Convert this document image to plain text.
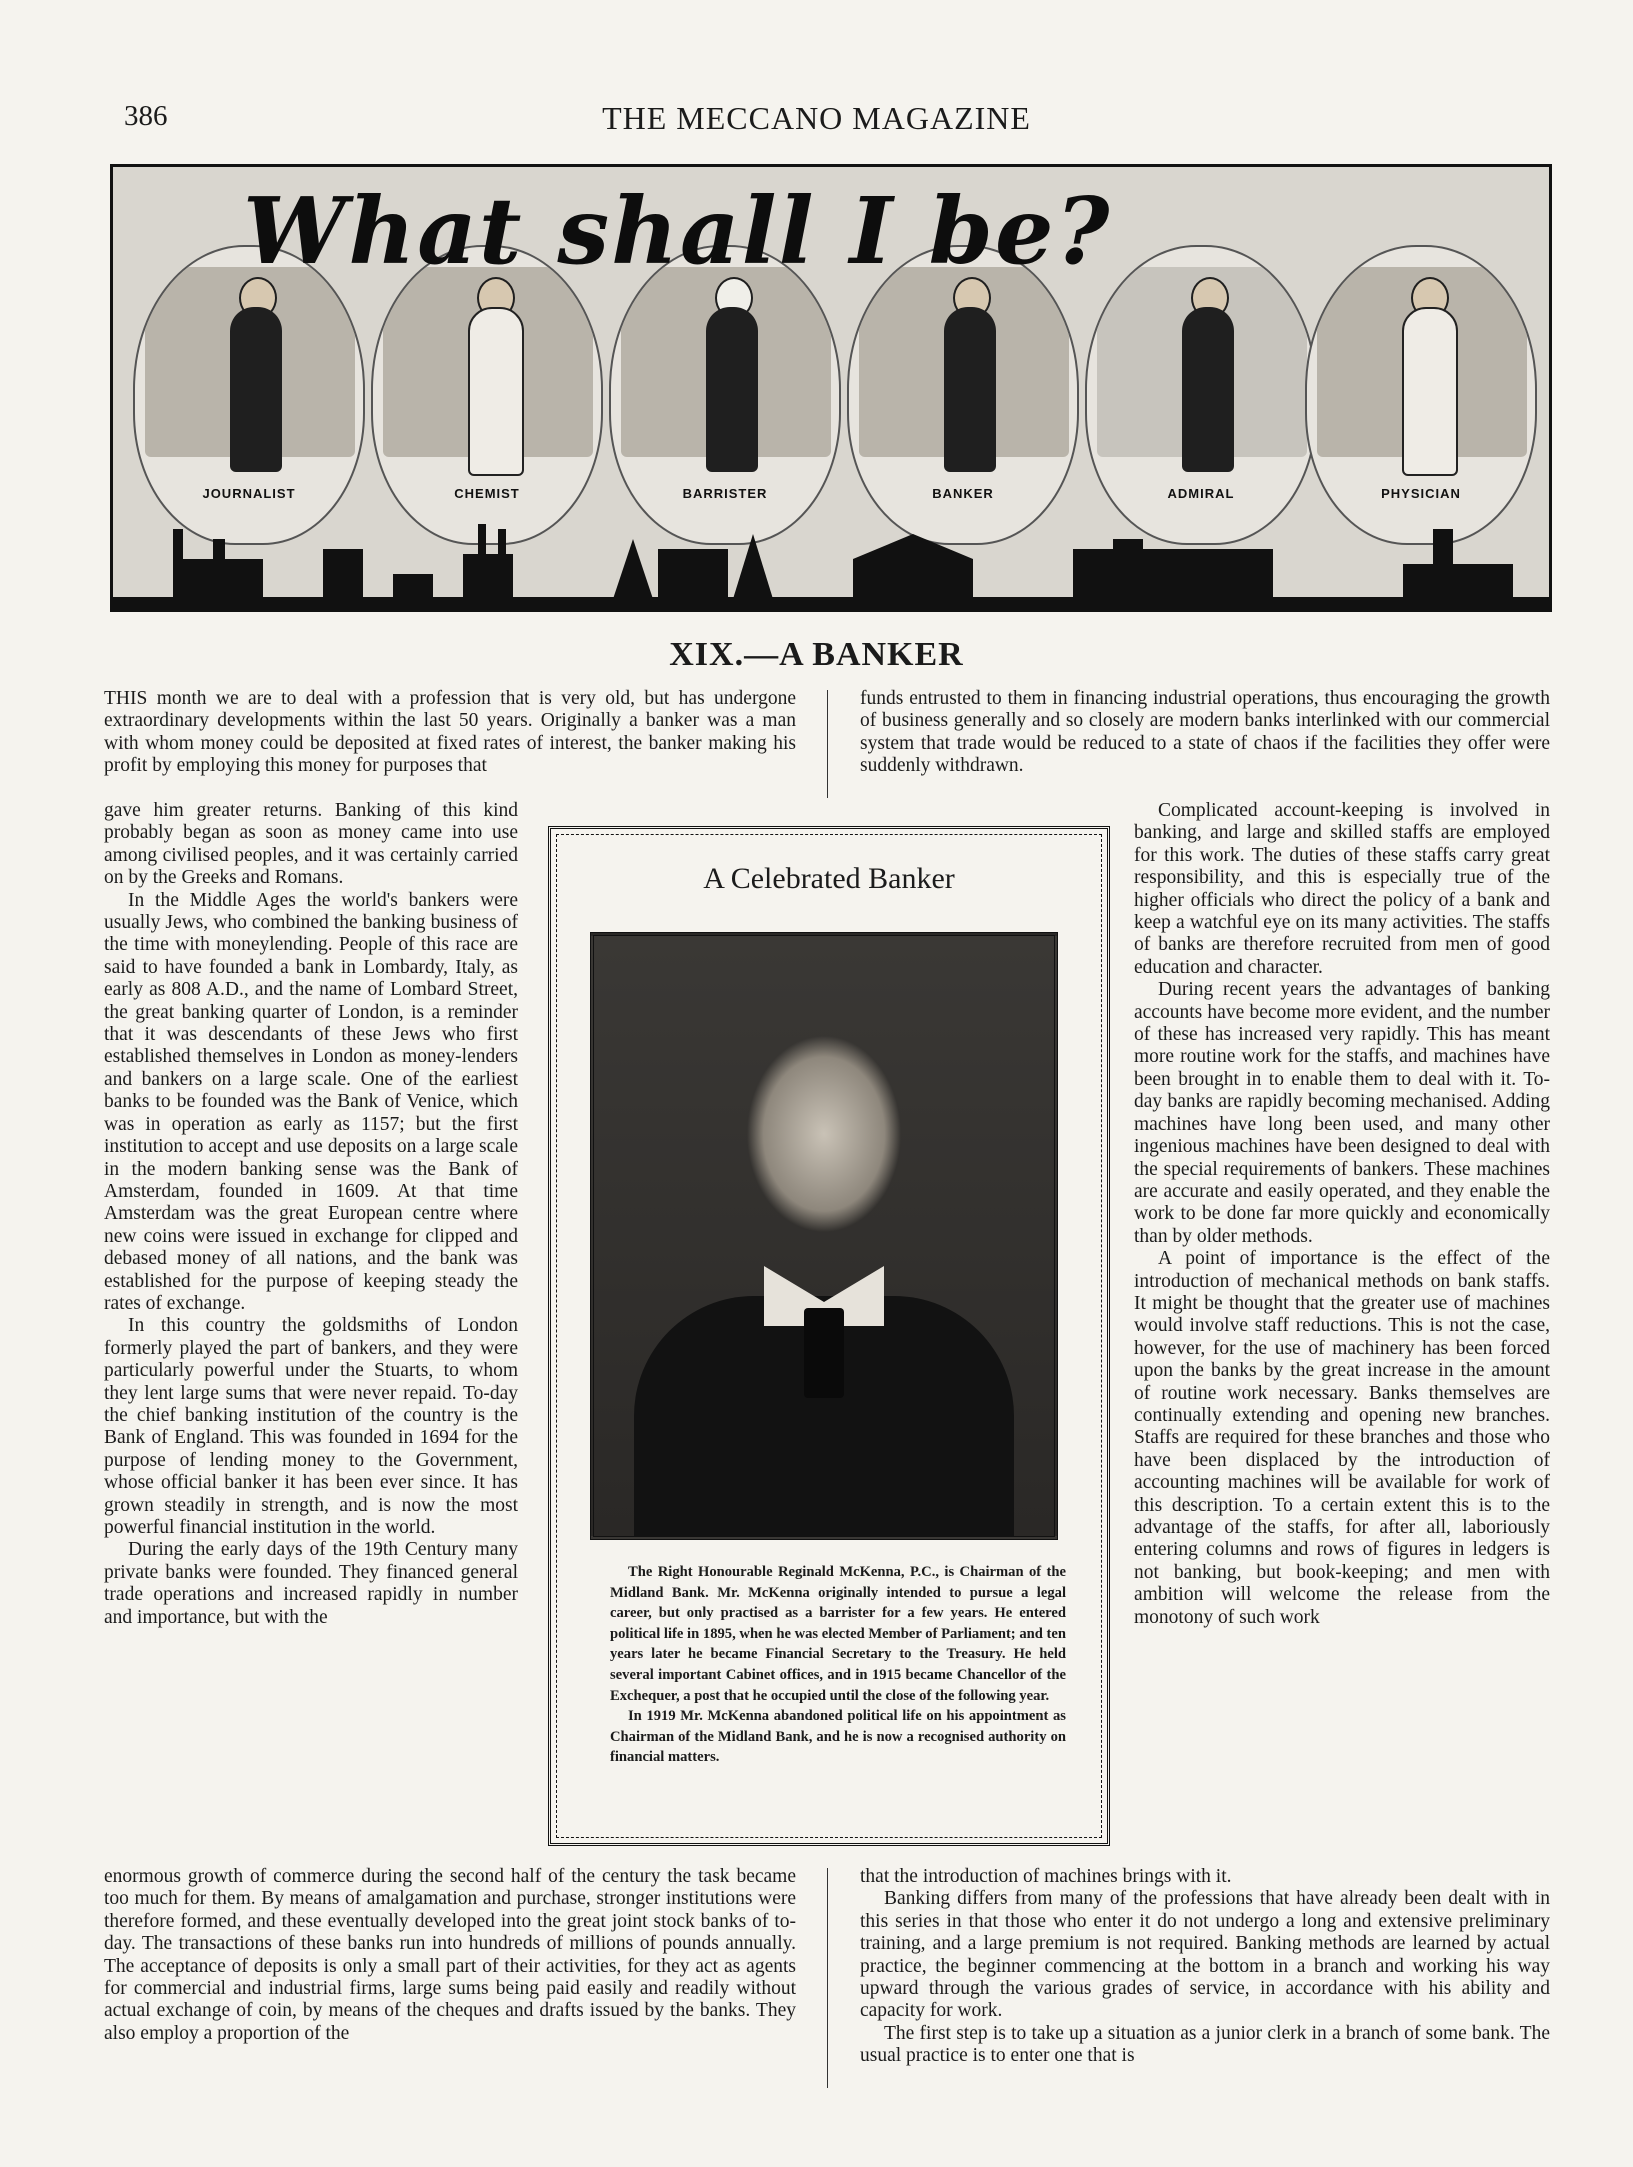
386	THE MECCANO MAGAZINE
What shall I be?
JOURNALIST	CHEMIST	BARRISTER	BANKER	ADMIRAL	PHYSICIAN
XIX.—A BANKER

THIS month we are to deal with a profession that is very old, but has undergone extraordinary developments within the last 50 years. Originally a banker was a man with whom money could be deposited at fixed rates of interest, the banker making his profit by employing this money for purposes that

funds entrusted to them in financing industrial operations, thus encouraging the growth of business generally and so closely are modern banks interlinked with our commercial system that trade would be reduced to a state of chaos if the facilities they offer were suddenly withdrawn.

gave him greater returns. Banking of this kind probably began as soon as money came into use among civilised peoples, and it was certainly carried on by the Greeks and Romans.

In the Middle Ages the world's bankers were usually Jews, who combined the banking business of the time with moneylending. People of this race are said to have founded a bank in Lombardy, Italy, as early as 808 A.D., and the name of Lombard Street, the great banking quarter of London, is a reminder that it was descendants of these Jews who first established themselves in London as money-lenders and bankers on a large scale. One of the earliest banks to be founded was the Bank of Venice, which was in operation as early as 1157; but the first institution to accept and use deposits on a large scale in the modern banking sense was the Bank of Amsterdam, founded in 1609. At that time Amsterdam was the great European centre where new coins were issued in exchange for clipped and debased money of all nations, and the bank was established for the purpose of keeping steady the rates of exchange.

In this country the goldsmiths of London formerly played the part of bankers, and they were particularly powerful under the Stuarts, to whom they lent large sums that were never repaid. To-day the chief banking institution of the country is the Bank of England. This was founded in 1694 for the purpose of lending money to the Government, whose official banker it has been ever since. It has grown steadily in strength, and is now the most powerful financial institution in the world.

During the early days of the 19th Century many private banks were founded. They financed general trade operations and increased rapidly in number and importance, but with the

A Celebrated Banker

The Right Honourable Reginald McKenna, P.C., is Chairman of the Midland Bank. Mr. McKenna originally intended to pursue a legal career, but only practised as a barrister for a few years. He entered political life in 1895, when he was elected Member of Parliament; and ten years later he became Financial Secretary to the Treasury. He held several important Cabinet offices, and in 1915 became Chancellor of the Exchequer, a post that he occupied until the close of the following year.

In 1919 Mr. McKenna abandoned political life on his appointment as Chairman of the Midland Bank, and he is now a recognised authority on financial matters.

Complicated account-keeping is involved in banking, and large and skilled staffs are employed for this work. The duties of these staffs carry great responsibility, and this is especially true of the higher officials who direct the policy of a bank and keep a watchful eye on its many activities. The staffs of banks are therefore recruited from men of good education and character.

During recent years the advantages of banking accounts have become more evident, and the number of these has increased very rapidly. This has meant more routine work for the staffs, and machines have been brought in to enable them to deal with it. To-day banks are rapidly becoming mechanised. Adding machines have long been used, and many other ingenious machines have been designed to deal with the special requirements of bankers. These machines are accurate and easily operated, and they enable the work to be done far more quickly and economically than by older methods.

A point of importance is the effect of the introduction of mechanical methods on bank staffs. It might be thought that the greater use of machines would involve staff reductions. This is not the case, however, for the use of machinery has been forced upon the banks by the great increase in the amount of routine work necessary. Banks themselves are continually extending and opening new branches. Staffs are required for these branches and those who have been displaced by the introduction of accounting machines will be available for work of this description. To a certain extent this is to the advantage of the staffs, for after all, laboriously entering columns and rows of figures in ledgers is not banking, but book-keeping; and men with ambition will welcome the release from the monotony of such work

enormous growth of commerce during the second half of the century the task became too much for them. By means of amalgamation and purchase, stronger institutions were therefore formed, and these eventually developed into the great joint stock banks of to-day. The transactions of these banks run into hundreds of millions of pounds annually. The acceptance of deposits is only a small part of their activities, for they act as agents for commercial and industrial firms, large sums being paid easily and readily without actual exchange of coin, by means of the cheques and drafts issued by the banks. They also employ a proportion of the

that the introduction of machines brings with it.

Banking differs from many of the professions that have already been dealt with in this series in that those who enter it do not undergo a long and extensive preliminary training, and a large premium is not required. Banking methods are learned by actual practice, the beginner commencing at the bottom in a branch and working his way upward through the various grades of service, in accordance with his ability and capacity for work.

The first step is to take up a situation as a junior clerk in a branch of some bank. The usual practice is to enter one that is
